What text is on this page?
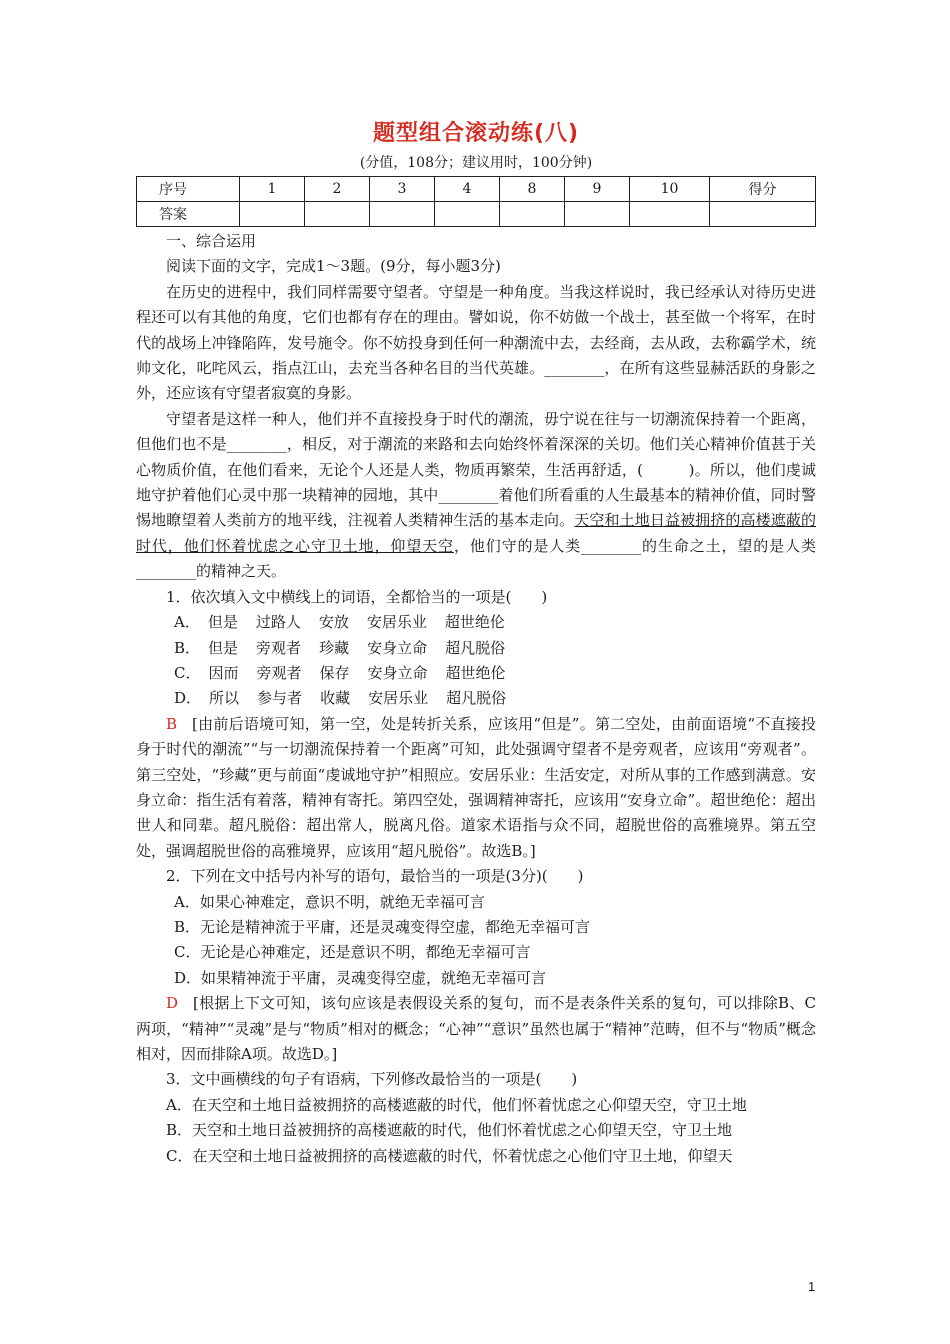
题型组合滚动练(八)
(分值，108分；建议用时，100分钟)
序号	1	2	3	4	8	9	10	得分
答案								

一、综合运用

阅读下面的文字，完成1～3题。(9分，每小题3分)

在历史的进程中，我们同样需要守望者。守望是一种角度。当我这样说时，我已经承认对待历史进程还可以有其他的角度，它们也都有存在的理由。譬如说，你不妨做一个战士，甚至做一个将军，在时代的战场上冲锋陷阵，发号施令。你不妨投身到任何一种潮流中去，去经商，去从政，去称霸学术，统帅文化，叱咤风云，指点江山，去充当各种名目的当代英雄。________，在所有这些显赫活跃的身影之外，还应该有守望者寂寞的身影。

守望者是这样一种人，他们并不直接投身于时代的潮流，毋宁说在往与一切潮流保持着一个距离，但他们也不是________，相反，对于潮流的来路和去向始终怀着深深的关切。他们关心精神价值甚于关心物质价值，在他们看来，无论个人还是人类，物质再繁荣，生活再舒适，(　　　)。所以，他们虔诚地守护着他们心灵中那一块精神的园地，其中________着他们所看重的人生最基本的精神价值，同时警惕地瞭望着人类前方的地平线，注视着人类精神生活的基本走向。天空和土地日益被拥挤的高楼遮蔽的时代，他们怀着忧虑之心守卫土地，仰望天空，他们守的是人类________的生命之土，望的是人类________的精神之天。

1．依次填入文中横线上的词语，全都恰当的一项是(　　)

A． 但是 过路人 安放 安居乐业 超世绝伦
B． 但是 旁观者 珍藏 安身立命 超凡脱俗
C． 因而 旁观者 保存 安身立命 超世绝伦
D． 所以 参与者 收藏 安居乐业 超凡脱俗

B  [由前后语境可知，第一空，处是转折关系，应该用“但是”。第二空处，由前面语境“不直接投身于时代的潮流”“与一切潮流保持着一个距离”可知，此处强调守望者不是旁观者，应该用“旁观者”。第三空处，“珍藏”更与前面“虔诚地守护”相照应。安居乐业：生活安定，对所从事的工作感到满意。安身立命：指生活有着落，精神有寄托。第四空处，强调精神寄托，应该用“安身立命”。超世绝伦：超出世人和同辈。超凡脱俗：超出常人，脱离凡俗。道家术语指与众不同，超脱世俗的高雅境界。第五空处，强调超脱世俗的高雅境界，应该用“超凡脱俗”。故选B。]

2．下列在文中括号内补写的语句，最恰当的一项是(3分)(　　)

A．如果心神难定，意识不明，就绝无幸福可言
B．无论是精神流于平庸，还是灵魂变得空虚，都绝无幸福可言
C．无论是心神难定，还是意识不明，都绝无幸福可言
D．如果精神流于平庸，灵魂变得空虚，就绝无幸福可言

D  [根据上下文可知，该句应该是表假设关系的复句，而不是表条件关系的复句，可以排除B、C两项，“精神”“灵魂”是与“物质”相对的概念；“心神”“意识”虽然也属于“精神”范畴，但不与“物质”概念相对，因而排除A项。故选D。]

3．文中画横线的句子有语病，下列修改最恰当的一项是(　　)

A．在天空和土地日益被拥挤的高楼遮蔽的时代，他们怀着忧虑之心仰望天空，守卫土地

B．天空和土地日益被拥挤的高楼遮蔽的时代，他们怀着忧虑之心仰望天空，守卫土地

C．在天空和土地日益被拥挤的高楼遮蔽的时代，怀着忧虑之心他们守卫土地，仰望天

1
